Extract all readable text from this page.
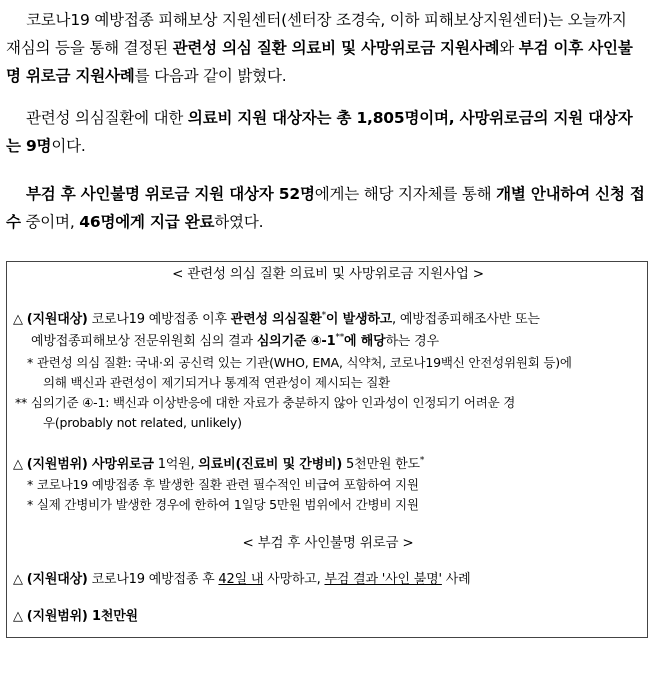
코로나19 예방접종 피해보상 지원센터(센터장 조경숙, 이하 피해보상지원센터)는 오늘까지 재심의 등을 통해 결정된 관련성 의심 질환 의료비 및 사망위로금 지원사례와 부검 이후 사인불명 위로금 지원사례를 다음과 같이 밝혔다.
관련성 의심질환에 대한 의료비 지원 대상자는 총 1,805명이며, 사망위로금의 지원 대상자는 9명이다.
부검 후 사인불명 위로금 지원 대상자 52명에게는 해당 지자체를 통해 개별 안내하여 신청 접수 중이며, 46명에게 지급 완료하였다.
< 관련성 의심 질환 의료비 및 사망위로금 지원사업 >
△ (지원대상) 코로나19 예방접종 이후 관련성 의심질환*이 발생하고, 예방접종피해조사반 또는
예방접종피해보상 전문위원회 심의 결과 심의기준 ④-1**에 해당하는 경우
* 관련성 의심 질환: 국내·외 공신력 있는 기관(WHO, EMA, 식약처, 코로나19백신 안전성위원회 등)에
의해 백신과 관련성이 제기되거나 통계적 연관성이 제시되는 질환
** 심의기준 ④-1: 백신과 이상반응에 대한 자료가 충분하지 않아 인과성이 인정되기 어려운 경
우(probably not related, unlikely)
△ (지원범위) 사망위로금 1억원, 의료비(진료비 및 간병비) 5천만원 한도*
* 코로나19 예방접종 후 발생한 질환 관련 필수적인 비급여 포함하여 지원
* 실제 간병비가 발생한 경우에 한하여 1일당 5만원 범위에서 간병비 지원
< 부검 후 사인불명 위로금 >
△ (지원대상) 코로나19 예방접종 후 42일 내 사망하고, 부검 결과 '사인 불명' 사례
△ (지원범위) 1천만원
